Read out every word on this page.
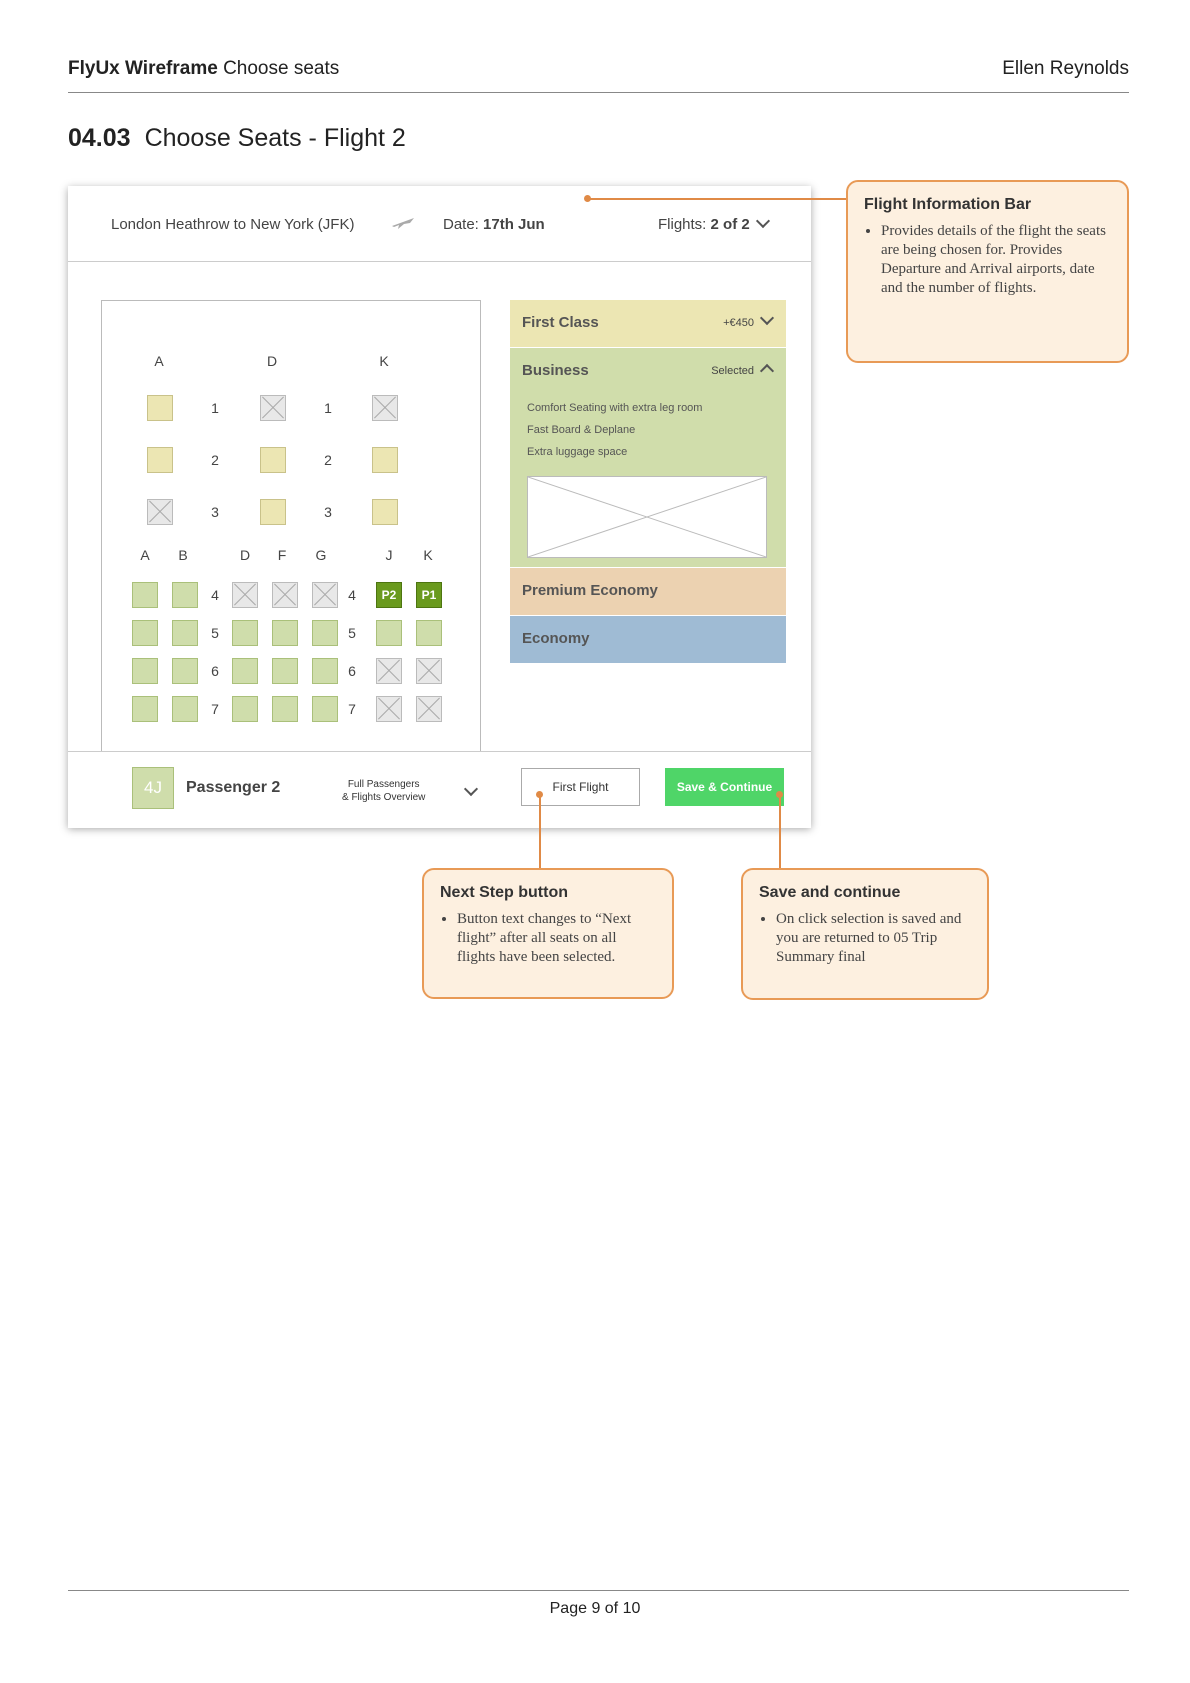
FlyUx Wireframe Choose seats	Ellen Reynolds
04.03 Choose Seats - Flight 2
London Heathrow to New York (JFK)	Date: 17th Jun	Flights: 2 of 2
A	D	K
1	1
2	2
3	3
A B	D F G	J K
4	4	P2	P1
5	5
6	6
7	7
First Class	+€450
Business	Selected
Comfort Seating with extra leg room
Fast Board & Deplane
Extra luggage space
Premium Economy
Economy
4J	Passenger 2	Full Passengers
& Flights Overview
First Flight	Save & Continue
Flight Information Bar
• Provides details of the flight the seats are being chosen for. Provides Departure and Arrival airports, date and the number of flights.
Next Step button
• Button text changes to “Next flight” after all seats on all flights have been selected.
Save and continue
• On click selection is saved and you are returned to 05 Trip Summary final
Page 9 of 10
